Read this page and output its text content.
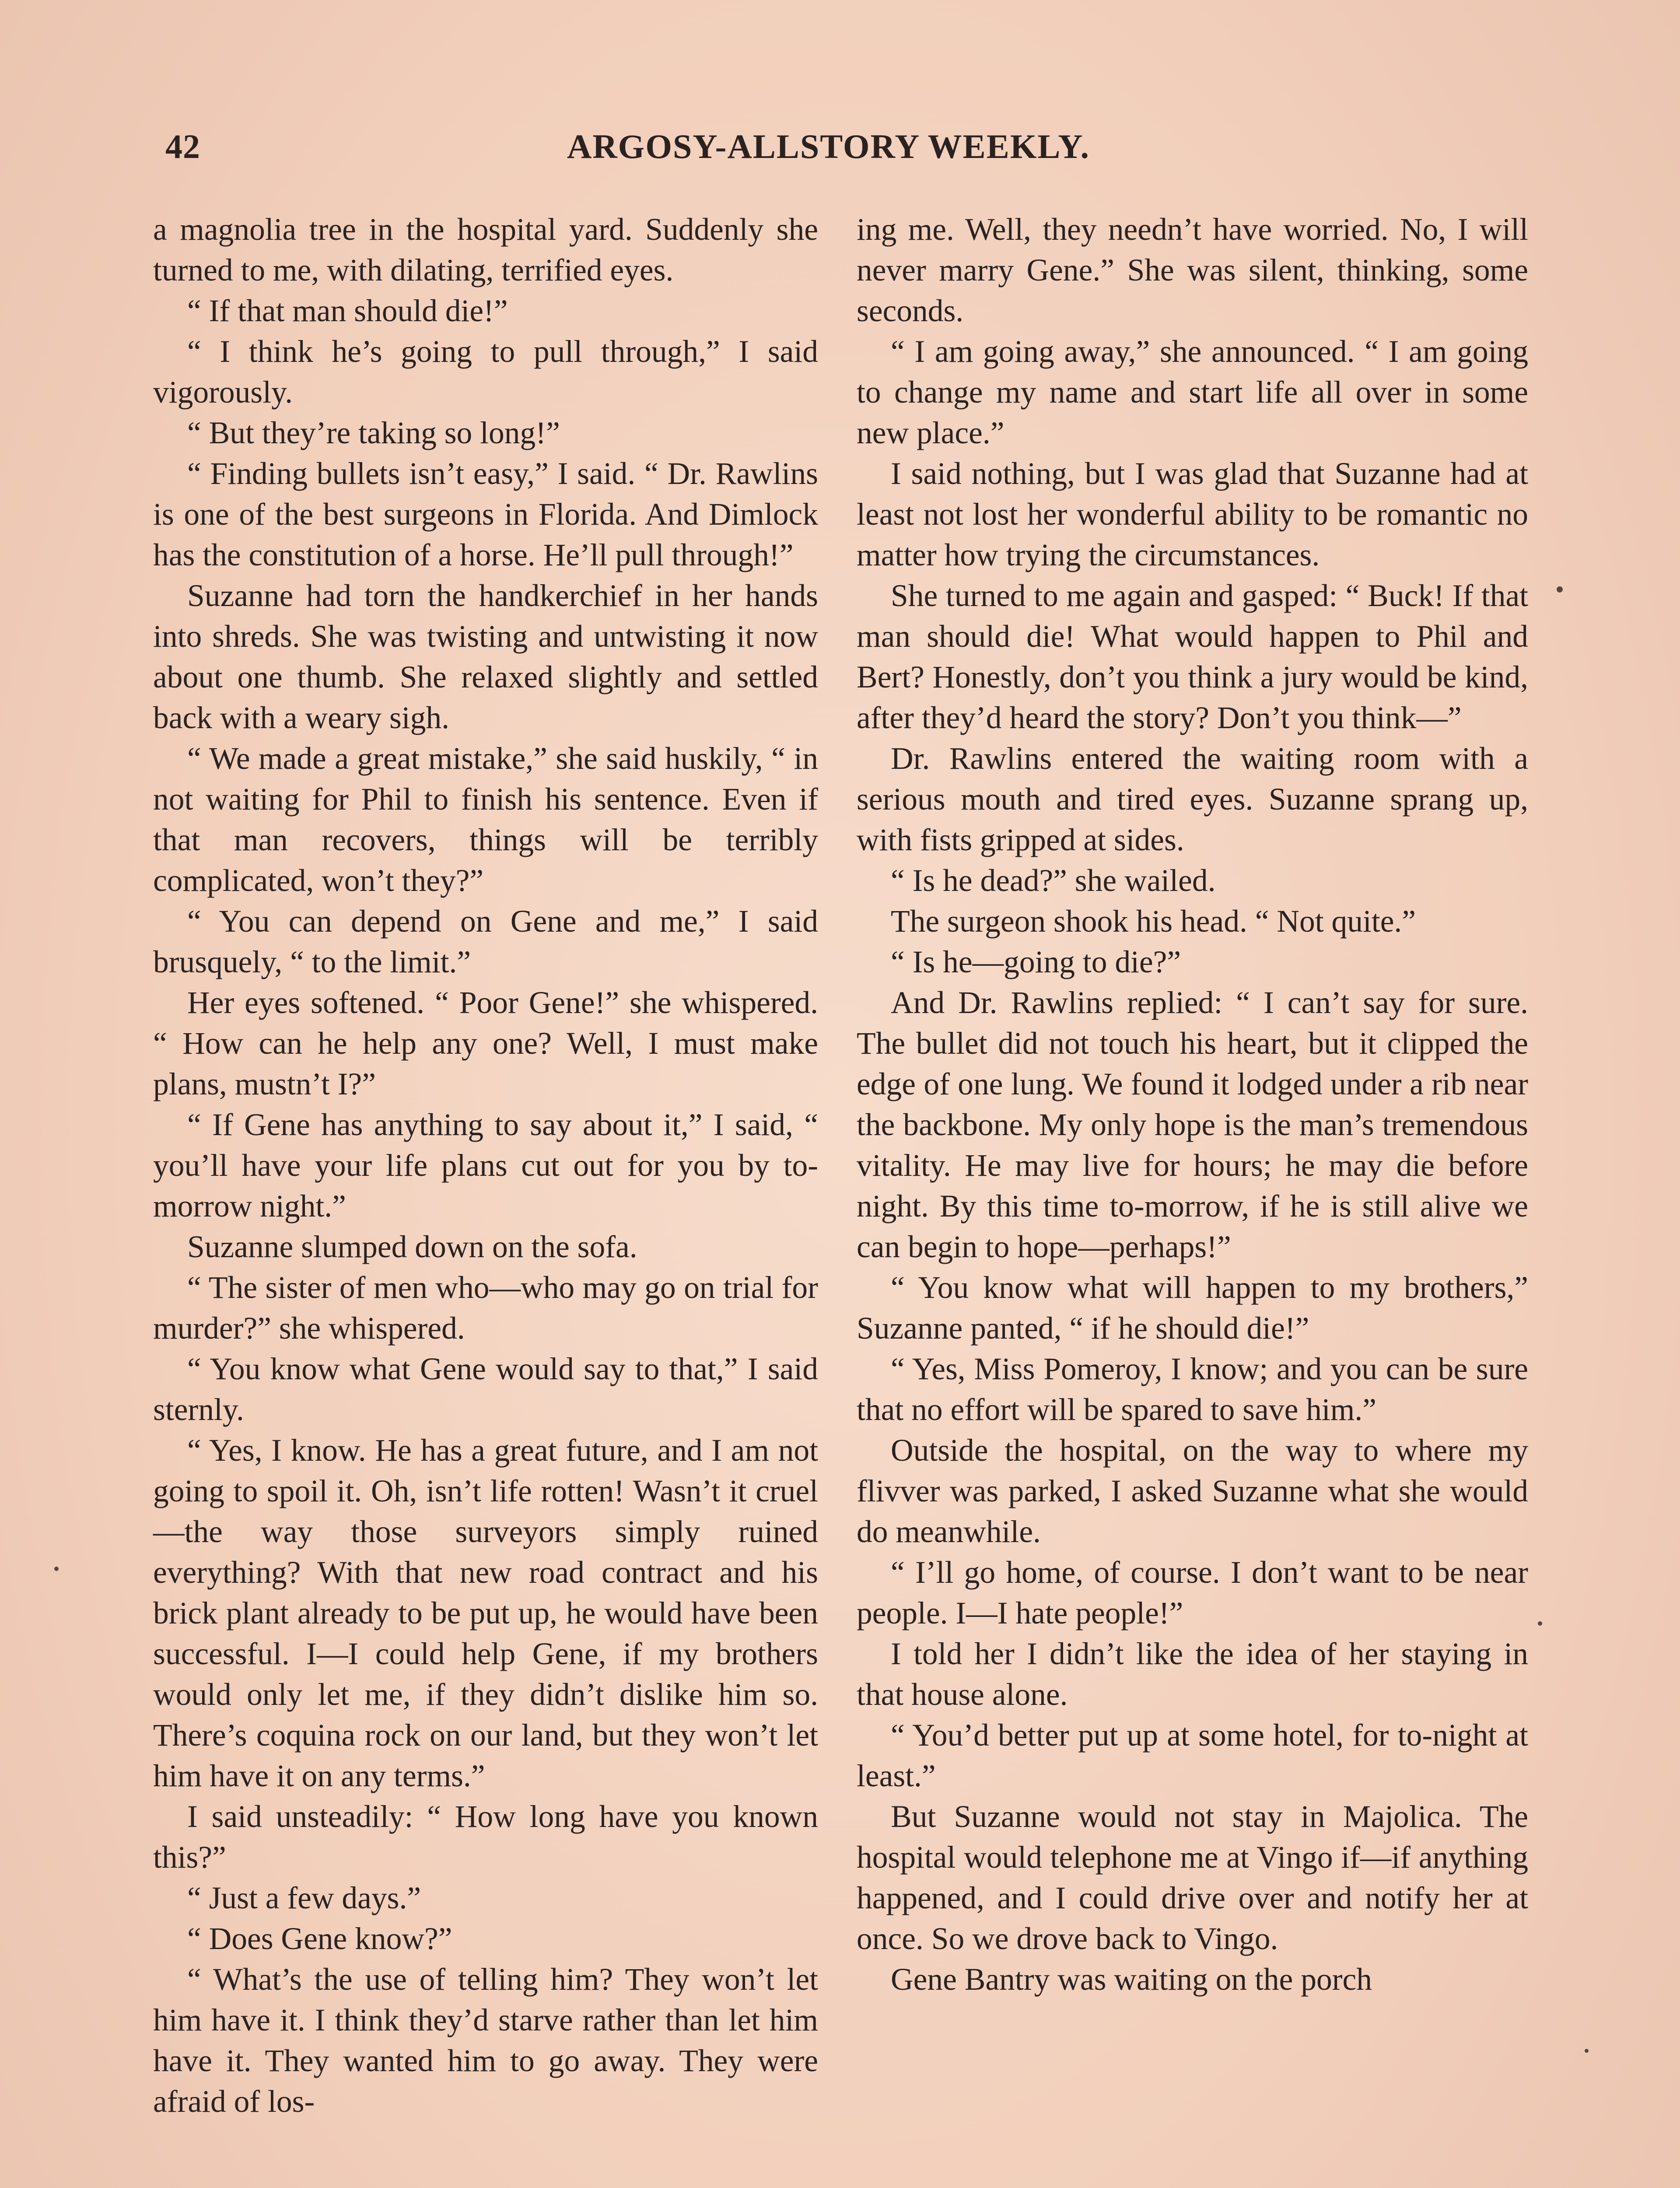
42	ARGOSY-ALLSTORY WEEKLY.

a magnolia tree in the hospital yard. Suddenly she turned to me, with dilating, terrified eyes.

“ If that man should die!”

“ I think he’s going to pull through,” I said vigorously.

“ But they’re taking so long!”

“ Finding bullets isn’t easy,” I said. “ Dr. Rawlins is one of the best surgeons in Florida. And Dimlock has the constitution of a horse. He’ll pull through!”

Suzanne had torn the handkerchief in her hands into shreds. She was twisting and untwisting it now about one thumb. She relaxed slightly and settled back with a weary sigh.

“ We made a great mistake,” she said huskily, “ in not waiting for Phil to finish his sentence. Even if that man recovers, things will be terribly complicated, won’t they?”

“ You can depend on Gene and me,” I said brusquely, “ to the limit.”

Her eyes softened. “ Poor Gene!” she whispered. “ How can he help any one? Well, I must make plans, mustn’t I?”

“ If Gene has anything to say about it,” I said, “ you’ll have your life plans cut out for you by to-morrow night.”

Suzanne slumped down on the sofa.

“ The sister of men who—who may go on trial for murder?” she whispered.

“ You know what Gene would say to that,” I said sternly.

“ Yes, I know. He has a great future, and I am not going to spoil it. Oh, isn’t life rotten! Wasn’t it cruel—the way those surveyors simply ruined everything? With that new road contract and his brick plant already to be put up, he would have been successful. I—I could help Gene, if my brothers would only let me, if they didn’t dislike him so. There’s coquina rock on our land, but they won’t let him have it on any terms.”

I said unsteadily: “ How long have you known this?”

“ Just a few days.”

“ Does Gene know?”

“ What’s the use of telling him? They won’t let him have it. I think they’d starve rather than let him have it. They wanted him to go away. They were afraid of los-

ing me. Well, they needn’t have worried. No, I will never marry Gene.” She was silent, thinking, some seconds.

“ I am going away,” she announced. “ I am going to change my name and start life all over in some new place.”

I said nothing, but I was glad that Suzanne had at least not lost her wonderful ability to be romantic no matter how trying the circumstances.

She turned to me again and gasped: “ Buck! If that man should die! What would happen to Phil and Bert? Honestly, don’t you think a jury would be kind, after they’d heard the story? Don’t you think—”

Dr. Rawlins entered the waiting room with a serious mouth and tired eyes. Suzanne sprang up, with fists gripped at sides.

“ Is he dead?” she wailed.

The surgeon shook his head. “ Not quite.”

“ Is he—going to die?”

And Dr. Rawlins replied: “ I can’t say for sure. The bullet did not touch his heart, but it clipped the edge of one lung. We found it lodged under a rib near the backbone. My only hope is the man’s tremendous vitality. He may live for hours; he may die before night. By this time to-morrow, if he is still alive we can begin to hope—perhaps!”

“ You know what will happen to my brothers,” Suzanne panted, “ if he should die!”

“ Yes, Miss Pomeroy, I know; and you can be sure that no effort will be spared to save him.”

Outside the hospital, on the way to where my flivver was parked, I asked Suzanne what she would do meanwhile.

“ I’ll go home, of course. I don’t want to be near people. I—I hate people!”

I told her I didn’t like the idea of her staying in that house alone.

“ You’d better put up at some hotel, for to-night at least.”

But Suzanne would not stay in Majolica. The hospital would telephone me at Vingo if—if anything happened, and I could drive over and notify her at once. So we drove back to Vingo.

Gene Bantry was waiting on the porch
